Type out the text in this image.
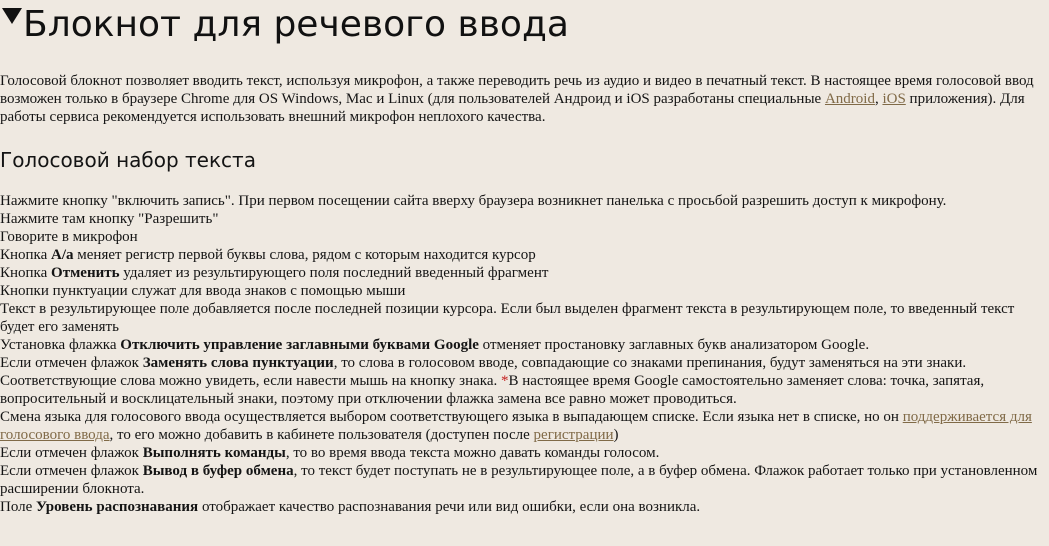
Блокнот для речевого ввода

Голосовой блокнот позволяет вводить текст, используя микрофон, а также переводить речь из аудио и видео в печатный текст. В настоящее время голосовой ввод возможен только в браузере Chrome для OS Windows, Mac и Linux (для пользователей Андроид и iOS разработаны специальные Android, iOS приложения). Для работы сервиса рекомендуется использовать внешний микрофон неплохого качества.

Голосовой набор текста
Нажмите кнопку "включить запись". При первом посещении сайта вверху браузера возникнет панелька с просьбой разрешить доступ к микрофону.
Нажмите там кнопку "Разрешить"
Говорите в микрофон
Кнопка A/a меняет регистр первой буквы слова, рядом с которым находится курсор
Кнопка Отменить удаляет из результирующего поля последний введенный фрагмент
Кнопки пунктуации служат для ввода знаков с помощью мыши
Текст в результирующее поле добавляется после последней позиции курсора. Если был выделен фрагмент текста в результирующем поле, то введенный текст будет его заменять
Установка флажка Отключить управление заглавными буквами Google отменяет простановку заглавных букв анализатором Google.
Если отмечен флажок Заменять слова пунктуации, то слова в голосовом вводе, совпадающие со знаками препинания, будут заменяться на эти знаки. Соответствующие слова можно увидеть, если навести мышь на кнопку знака. *В настоящее время Google самостоятельно заменяет слова: точка, запятая, вопросительный и восклицательный знаки, поэтому при отключении флажка замена все равно может проводиться.
Смена языка для голосового ввода осуществляется выбором соответствующего языка в выпадающем списке. Если языка нет в списке, но он поддерживается для голосового ввода, то его можно добавить в кабинете пользователя (доступен после регистрации)
Если отмечен флажок Выполнять команды, то во время ввода текста можно давать команды голосом.
Если отмечен флажок Вывод в буфер обмена, то текст будет поступать не в результирующее поле, а в буфер обмена. Флажок работает только при установленном расширении блокнота.
Поле Уровень распознавания отображает качество распознавания речи или вид ошибки, если она возникла.
